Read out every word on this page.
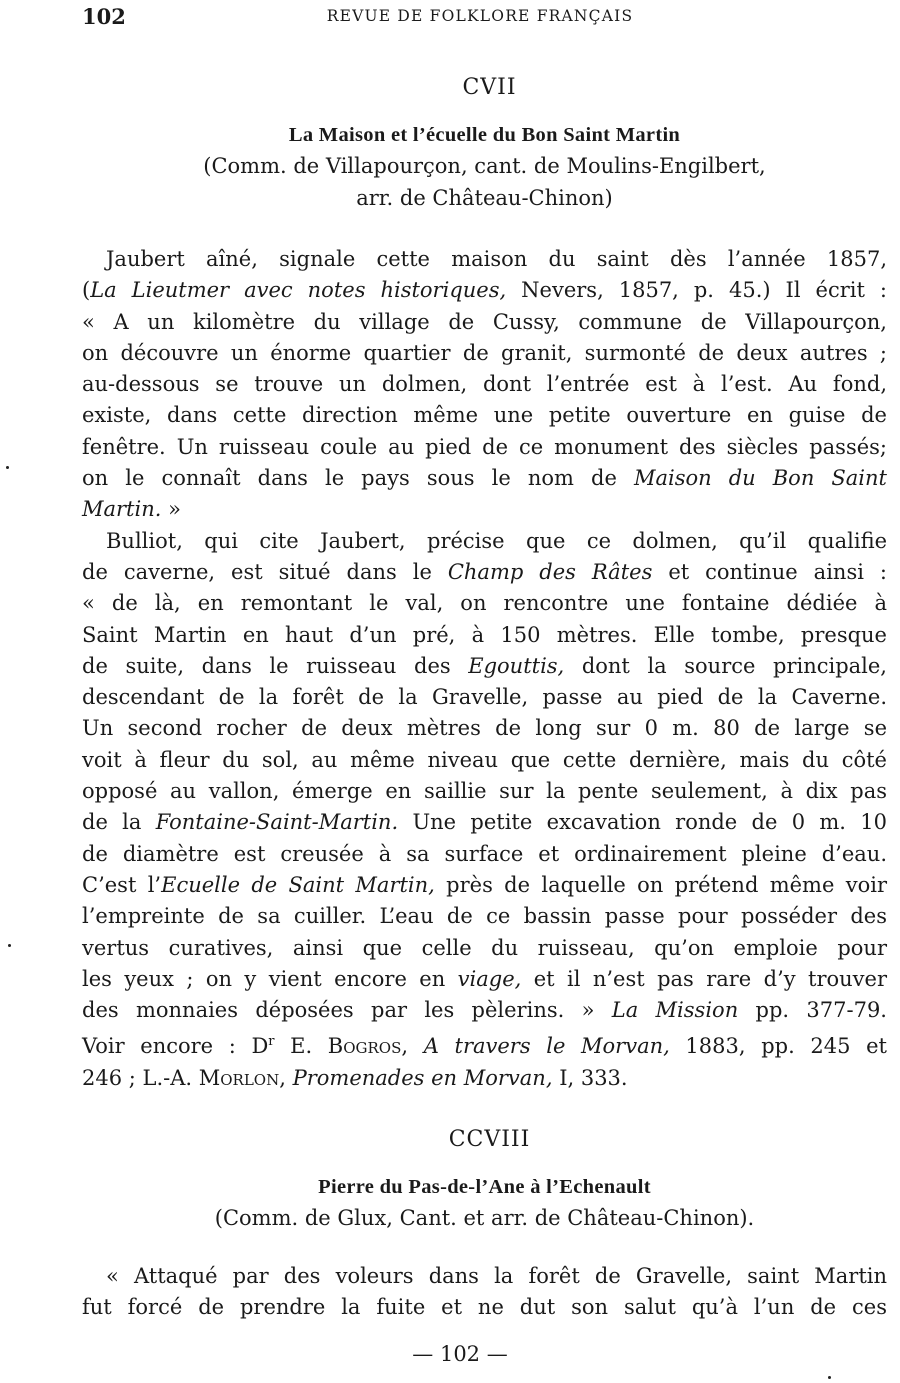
102	REVUE DE FOLKLORE FRANÇAIS
CVII
La Maison et l’écuelle du Bon Saint Martin
(Comm. de Villapourçon, cant. de Moulins-Engilbert,
arr. de Château-Chinon)

Jaubert aîné, signale cette maison du saint dès l’année 1857,
(La Lieutmer avec notes historiques, Nevers, 1857, p. 45.) Il écrit :
« A un kilomètre du village de Cussy, commune de Villapourçon,
on découvre un énorme quartier de granit, surmonté de deux autres ;
au-dessous se trouve un dolmen, dont l’entrée est à l’est. Au fond,
existe, dans cette direction même une petite ouverture en guise de
fenêtre. Un ruisseau coule au pied de ce monument des siècles passés;
on le connaît dans le pays sous le nom de Maison du Bon Saint
Martin. »

Bulliot, qui cite Jaubert, précise que ce dolmen, qu’il qualifie
de caverne, est situé dans le Champ des Râtes et continue ainsi :
« de là, en remontant le val, on rencontre une fontaine dédiée à
Saint Martin en haut d’un pré, à 150 mètres. Elle tombe, presque
de suite, dans le ruisseau des Egouttis, dont la source principale,
descendant de la forêt de la Gravelle, passe au pied de la Caverne.
Un second rocher de deux mètres de long sur 0 m. 80 de large se
voit à fleur du sol, au même niveau que cette dernière, mais du côté
opposé au vallon, émerge en saillie sur la pente seulement, à dix pas
de la Fontaine-Saint-Martin. Une petite excavation ronde de 0 m. 10
de diamètre est creusée à sa surface et ordinairement pleine d’eau.
C’est l’Ecuelle de Saint Martin, près de laquelle on prétend même voir
l’empreinte de sa cuiller. L’eau de ce bassin passe pour posséder des
vertus curatives, ainsi que celle du ruisseau, qu’on emploie pour
les yeux ; on y vient encore en viage, et il n’est pas rare d’y trouver
des monnaies déposées par les pèlerins. » La Mission pp. 377-79.
Voir encore : $D^r$ E. Bogros, A travers le Morvan, 1883, pp. 245 et
246 ; L.-A. Morlon, Promenades en Morvan, I, 333.

CCVIII
Pierre du Pas-de-l’Ane à l’Echenault
(Comm. de Glux, Cant. et arr. de Château-Chinon).

« Attaqué par des voleurs dans la forêt de Gravelle, saint Martin
fut forcé de prendre la fuite et ne dut son salut qu’à l’un de ces

— 102 —
